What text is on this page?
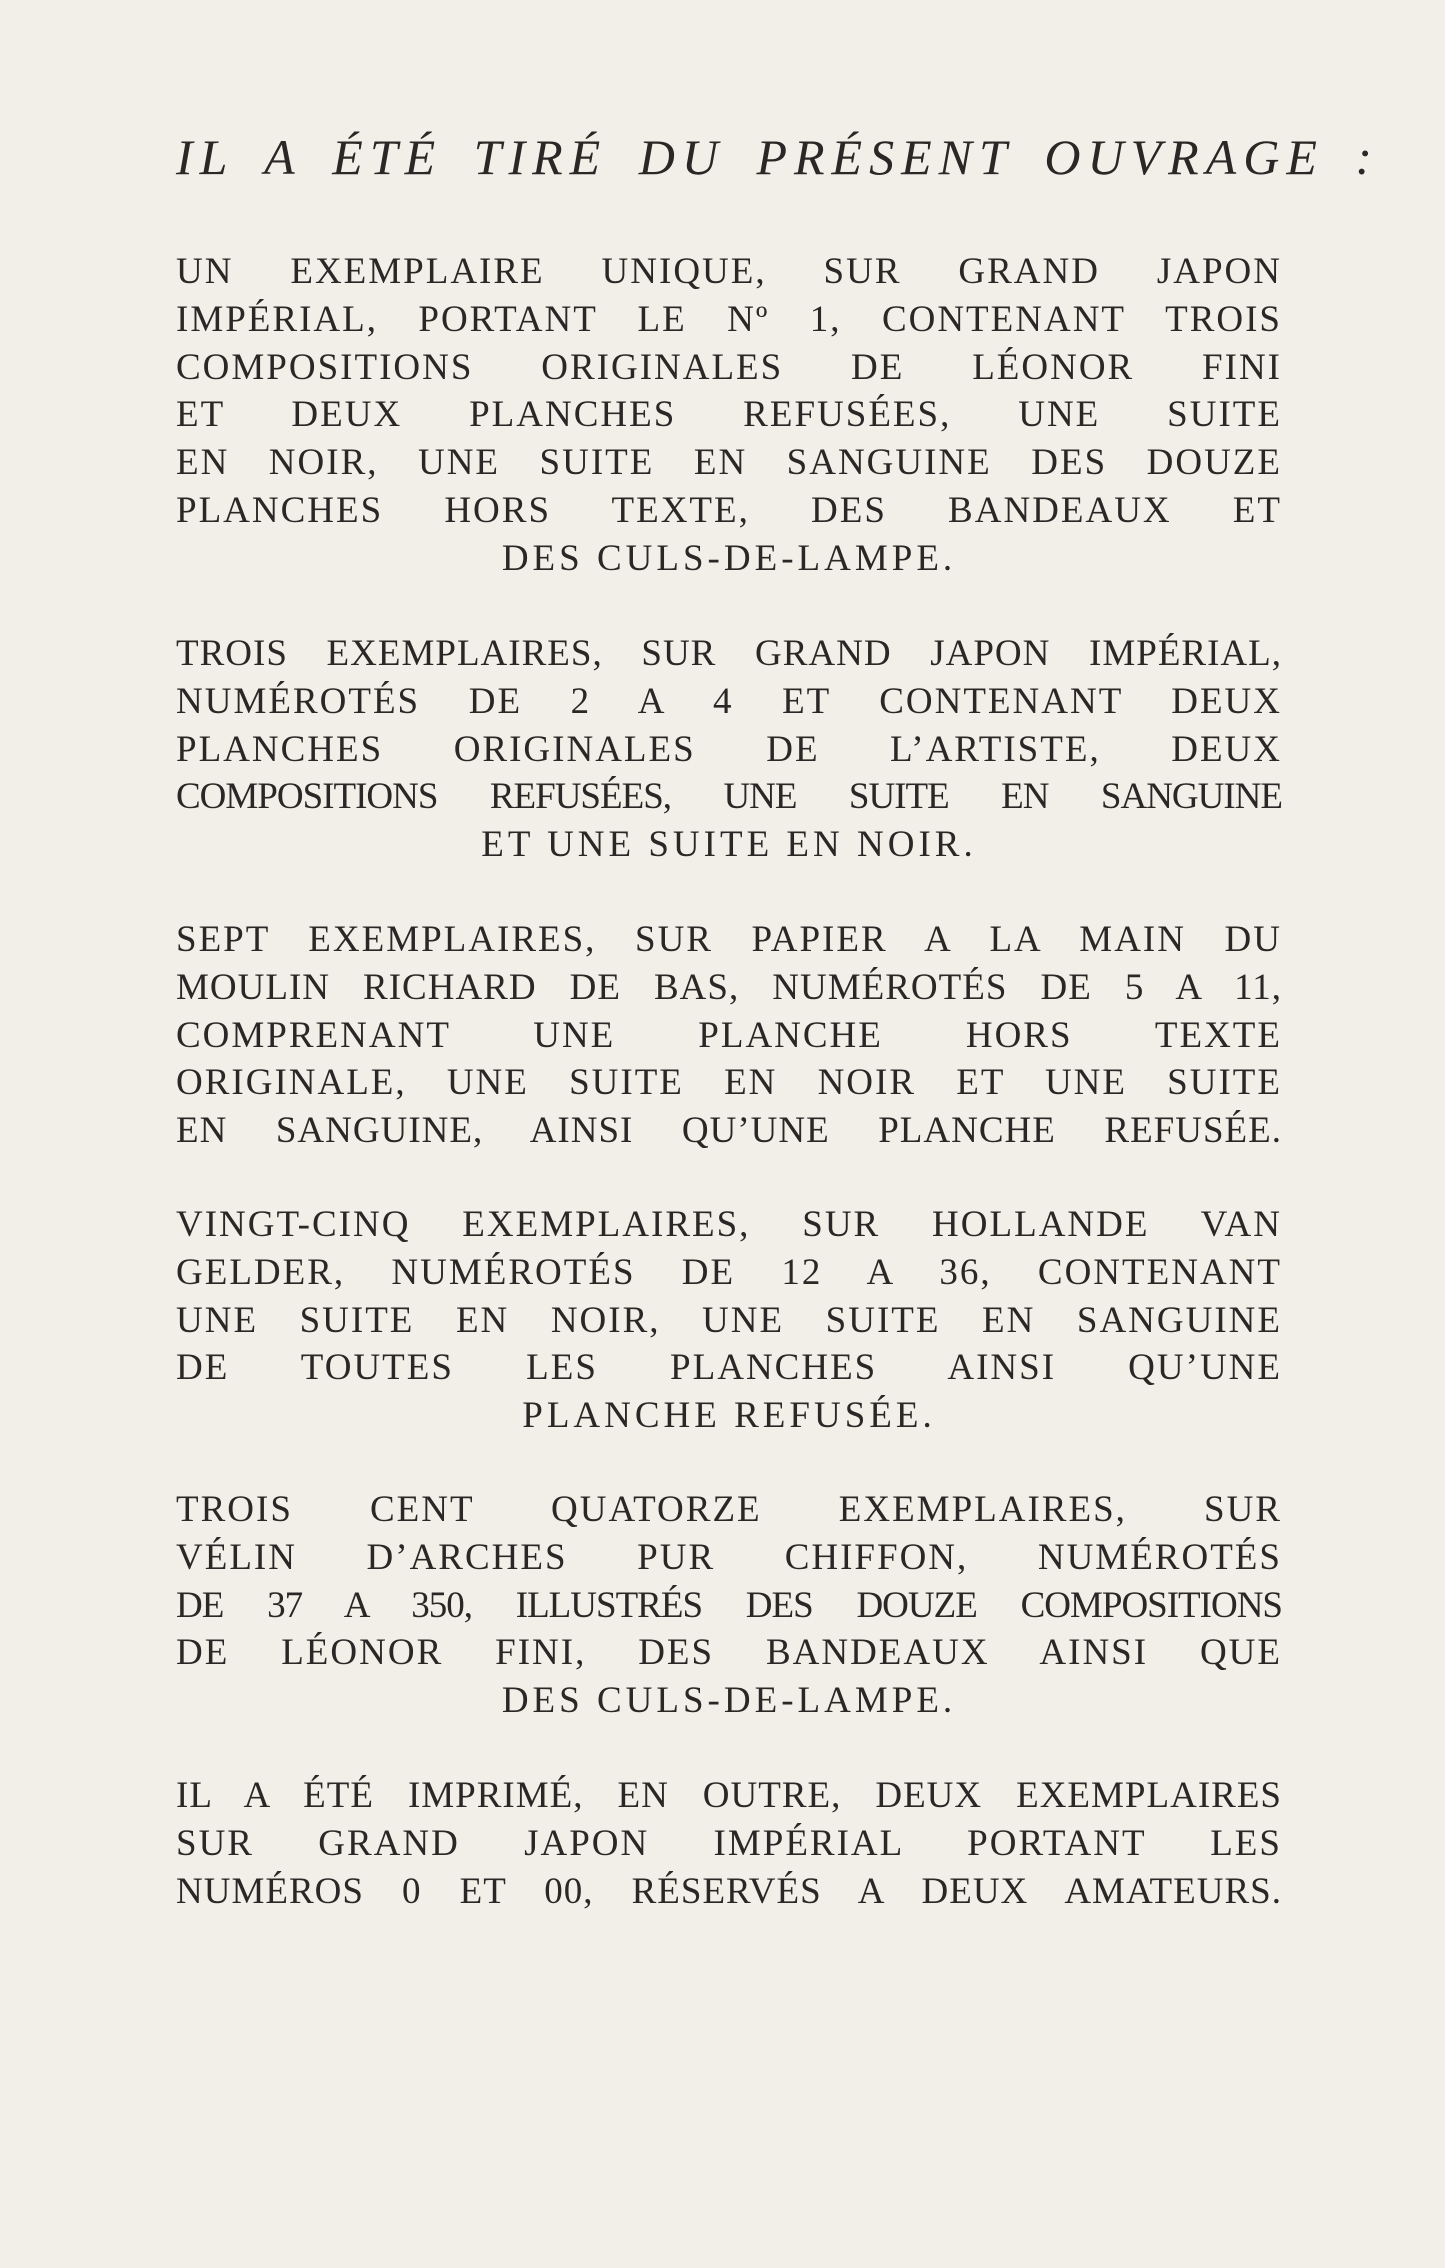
IL A ÉTÉ TIRÉ DU PRÉSENT OUVRAGE :
UN EXEMPLAIRE UNIQUE, SUR GRAND JAPON
IMPÉRIAL, PORTANT LE Nº 1, CONTENANT TROIS
COMPOSITIONS ORIGINALES DE LÉONOR FINI
ET DEUX PLANCHES REFUSÉES, UNE SUITE
EN NOIR, UNE SUITE EN SANGUINE DES DOUZE
PLANCHES HORS TEXTE, DES BANDEAUX ET
DES CULS-DE-LAMPE.
TROIS EXEMPLAIRES, SUR GRAND JAPON IMPÉRIAL,
NUMÉROTÉS DE 2 A 4 ET CONTENANT DEUX
PLANCHES ORIGINALES DE L’ARTISTE, DEUX
COMPOSITIONS REFUSÉES, UNE SUITE EN SANGUINE
ET UNE SUITE EN NOIR.
SEPT EXEMPLAIRES, SUR PAPIER A LA MAIN DU
MOULIN RICHARD DE BAS, NUMÉROTÉS DE 5 A 11,
COMPRENANT UNE PLANCHE HORS TEXTE
ORIGINALE, UNE SUITE EN NOIR ET UNE SUITE
EN SANGUINE, AINSI QU’UNE PLANCHE REFUSÉE.
VINGT-CINQ EXEMPLAIRES, SUR HOLLANDE VAN
GELDER, NUMÉROTÉS DE 12 A 36, CONTENANT
UNE SUITE EN NOIR, UNE SUITE EN SANGUINE
DE TOUTES LES PLANCHES AINSI QU’UNE
PLANCHE REFUSÉE.
TROIS CENT QUATORZE EXEMPLAIRES, SUR
VÉLIN D’ARCHES PUR CHIFFON, NUMÉROTÉS
DE 37 A 350, ILLUSTRÉS DES DOUZE COMPOSITIONS
DE LÉONOR FINI, DES BANDEAUX AINSI QUE
DES CULS-DE-LAMPE.
IL A ÉTÉ IMPRIMÉ, EN OUTRE, DEUX EXEMPLAIRES
SUR GRAND JAPON IMPÉRIAL PORTANT LES
NUMÉROS 0 ET 00, RÉSERVÉS A DEUX AMATEURS.
